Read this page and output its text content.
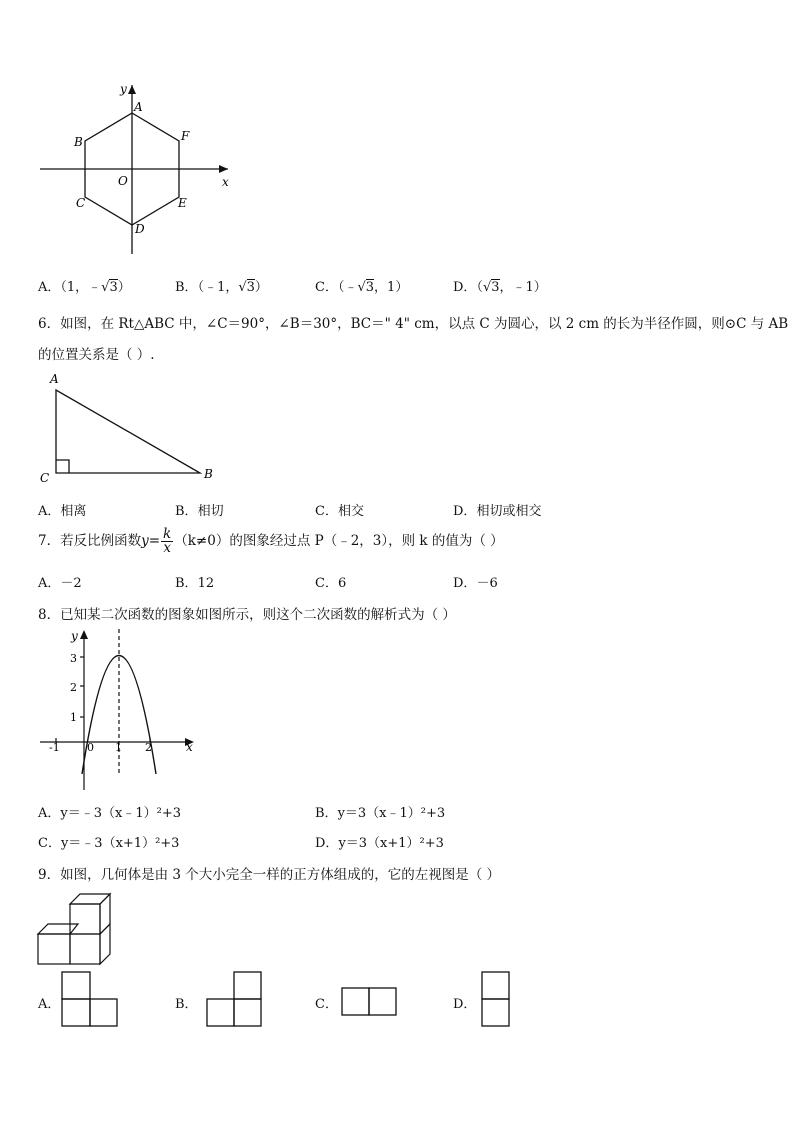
y
x
A
F
B
O
C	E
D
A．（1，﹣√3）	B．（﹣1，√3）	C．（﹣√3，1）	D．（√3，﹣1）
6．如图，在 Rt△ABC 中，∠C＝90°，∠B＝30°，BC＝" 4" cm，以点 C 为圆心，以 2 cm 的长为半径作圆，则⊙C 与 AB
的位置关系是（ ）.
A
C	B
A．相离	B．相切	C．相交	D．相切或相交
7．若反比例函数$y= \frac{k}{x} (k\ne 0)$的图象经过点 P（﹣2，3），则 k 的值为（ ）
A．－2	B．12	C．6	D．－6
8．已知某二次函数的图象如图所示，则这个二次函数的解析式为（ ）
y
x
3
2
1
-1 0 1 2
A．y＝﹣3（x﹣1）²+3	B．y＝3（x﹣1）²+3
C．y＝﹣3（x+1）²+3	D．y＝3（x+1）²+3
9．如图，几何体是由 3 个大小完全一样的正方体组成的，它的左视图是（ ）
A．	B．	C．	D．
